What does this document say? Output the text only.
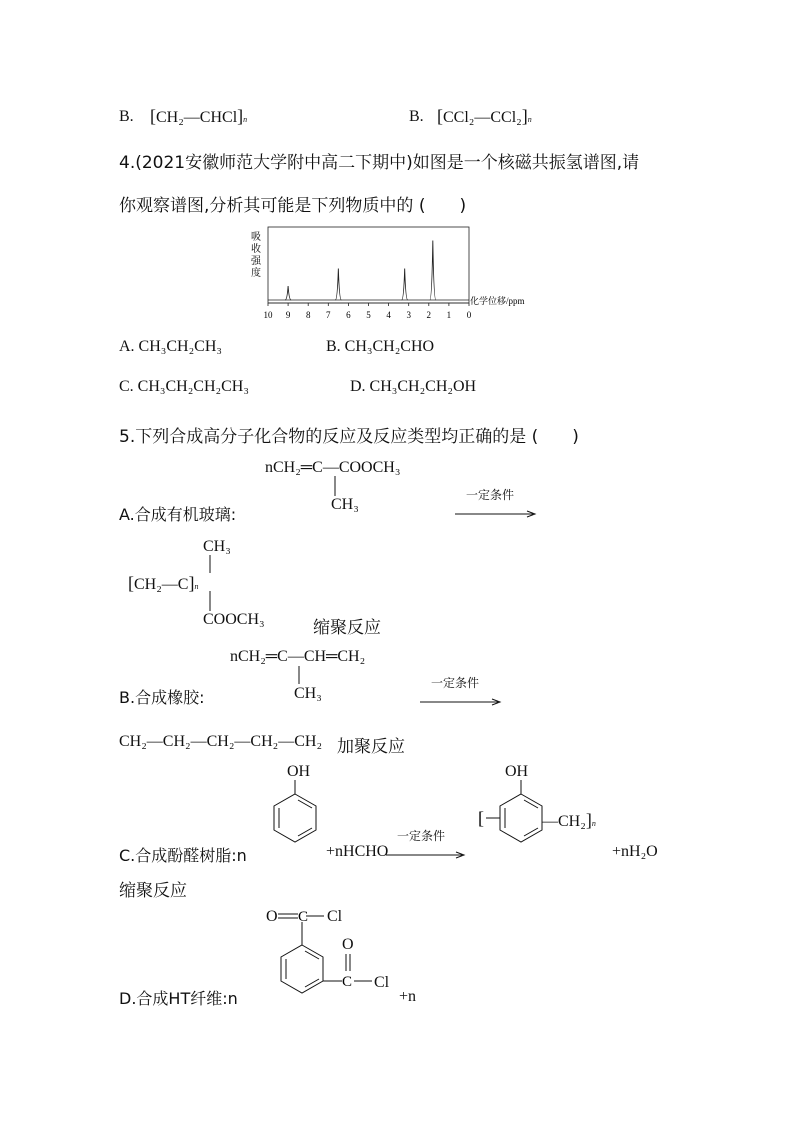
B. [CH₂—CHCl]n	B. [CCl₂—CCl₂]n
4.(2021安徽师范大学附中高二下期中)如图是一个核磁共振氢谱图,请
你观察谱图,分析其可能是下列物质中的 (　　)
吸
收
强
度
10 9 8 7 6 5 4 3 2 1 0
化学位移/ppm
A. CH₃CH₂CH₃	B. CH₃CH₂CHO
C. CH₃CH₂CH₂CH₃	D. CH₃CH₂CH₂OH
5.下列合成高分子化合物的反应及反应类型均正确的是 (　　)
nCH₂═C—COOCH₃
CH₃
A.合成有机玻璃:
一定条件
CH₃
[CH₂—C]n
COOCH₃	缩聚反应
nCH₂═C—CH═CH₂
CH₃
B.合成橡胶:
一定条件
CH₂—CH₂—CH₂—CH₂—CH₂ 加聚反应
OH
C.合成酚醛树脂:n	+nHCHO
一定条件
OH
[	—CH₂]n
+nH₂O
缩聚反应
O	Cl
O
Cl
C
C
D.合成HT纤维:n	+n
